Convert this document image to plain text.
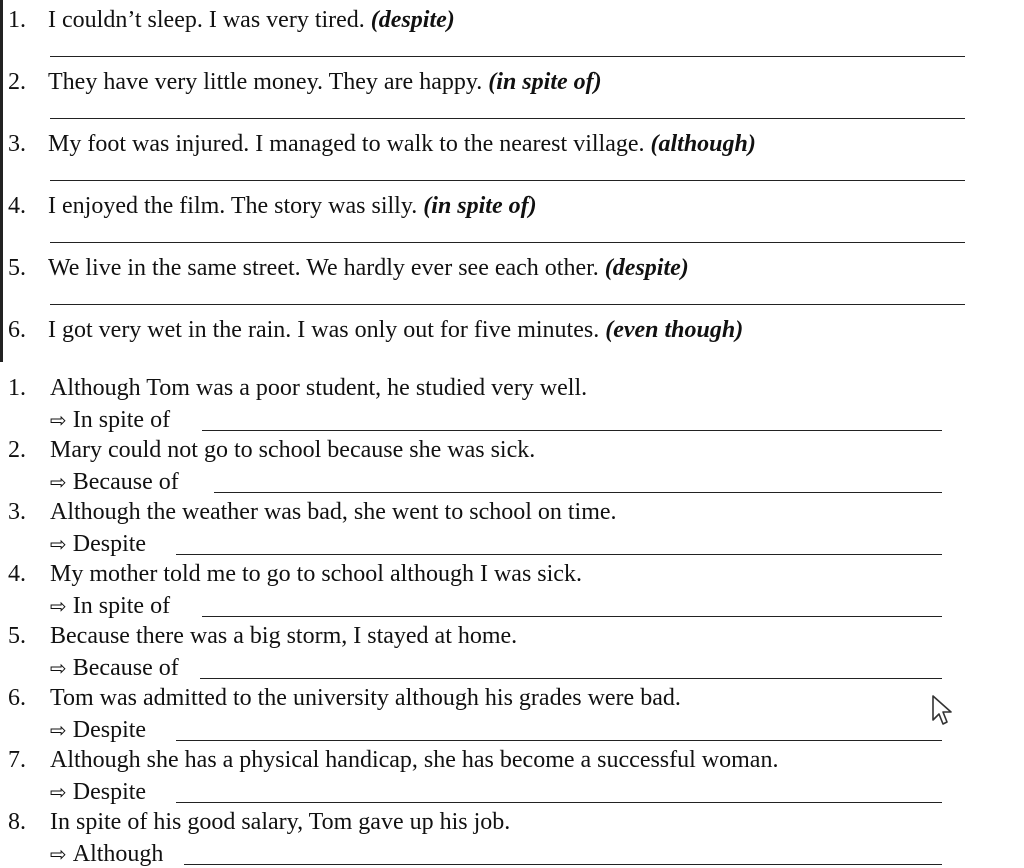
1. I couldn’t sleep. I was very tired. (despite)
2. They have very little money. They are happy. (in spite of)
3. My foot was injured. I managed to walk to the nearest village. (although)
4. I enjoyed the film. The story was silly. (in spite of)
5. We live in the same street. We hardly ever see each other. (despite)
6. I got very wet in the rain. I was only out for five minutes. (even though)
1. Although Tom was a poor student, he studied very well.
⇨ In spite of
2. Mary could not go to school because she was sick.
⇨ Because of
3. Although the weather was bad, she went to school on time.
⇨ Despite
4. My mother told me to go to school although I was sick.
⇨ In spite of
5. Because there was a big storm, I stayed at home.
⇨ Because of
6. Tom was admitted to the university although his grades were bad.
⇨ Despite
7. Although she has a physical handicap, she has become a successful woman.
⇨ Despite
8. In spite of his good salary, Tom gave up his job.
⇨ Although
